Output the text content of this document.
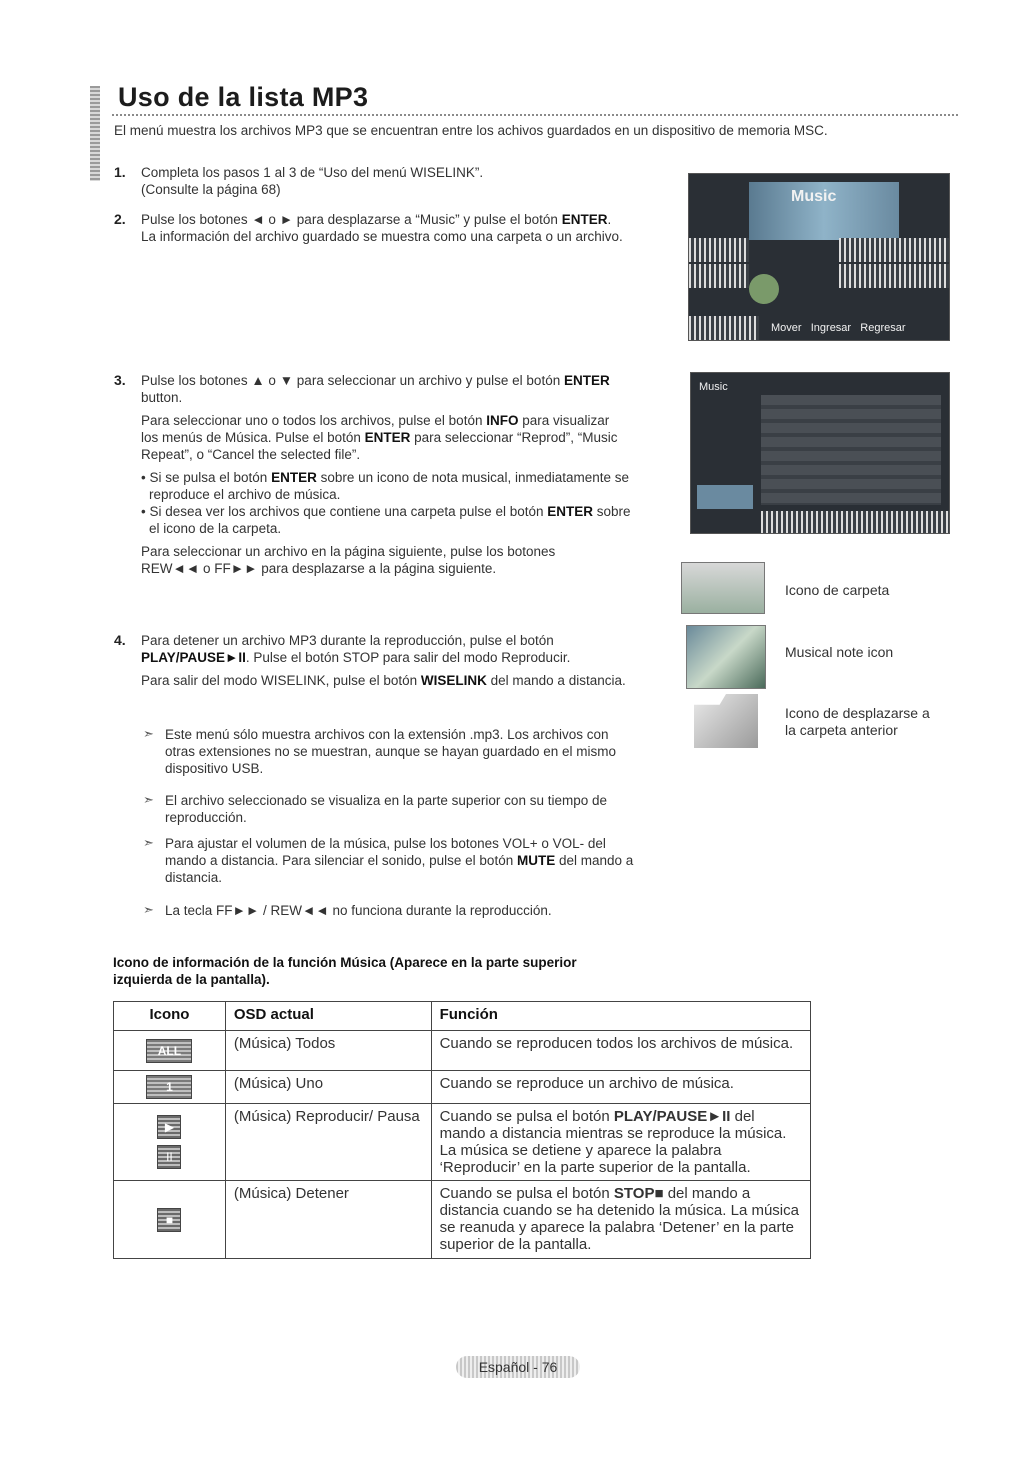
Uso de la lista MP3
El menú muestra los archivos MP3 que se encuentran entre los achivos guardados en un dispositivo de memoria MSC.
1. Completa los pasos 1 al 3 de “Uso del menú WISELINK”.
(Consulte la página 68)
2. Pulse los botones ◄ o ► para desplazarse a “Music” y pulse el botón ENTER.
La información del archivo guardado se muestra como una carpeta o un archivo.
Music
Mover Ingresar Regresar
3. Pulse los botones ▲ o ▼ para seleccionar un archivo y pulse el botón ENTER
button.
Para seleccionar uno o todos los archivos, pulse el botón INFO para visualizar
los menús de Música. Pulse el botón ENTER para seleccionar “Reprod”, “Music
Repeat”, o “Cancel the selected file”.
• Si se pulsa el botón ENTER sobre un icono de nota musical, inmediatamente se
reproduce el archivo de música.
• Si desea ver los archivos que contiene una carpeta pulse el botón ENTER sobre
el icono de la carpeta.
Para seleccionar un archivo en la página siguiente, pulse los botones
REW◄◄ o FF►► para desplazarse a la página siguiente.
Music
Icono de carpeta
Musical note icon
Icono de desplazarse a
la carpeta anterior
4. Para detener un archivo MP3 durante la reproducción, pulse el botón
PLAY/PAUSE►II. Pulse el botón STOP para salir del modo Reproducir.
Para salir del modo WISELINK, pulse el botón WISELINK del mando a distancia.
➣ Este menú sólo muestra archivos con la extensión .mp3. Los archivos con
otras extensiones no se muestran, aunque se hayan guardado en el mismo
dispositivo USB.
➣ El archivo seleccionado se visualiza en la parte superior con su tiempo de
reproducción.
➣ Para ajustar el volumen de la música, pulse los botones VOL+ o VOL- del
mando a distancia. Para silenciar el sonido, pulse el botón MUTE del mando a
distancia.
➣ La tecla FF►► / REW◄◄ no funciona durante la reproducción.
Icono de información de la función Música (Aparece en la parte superior
izquierda de la pantalla).
Icono	OSD actual	Función
ALL	(Música) Todos	Cuando se reproducen todos los archivos de música.
1	(Música) Uno	Cuando se reproduce un archivo de música.
▶
II	(Música) Reproducir/ Pausa	Cuando se pulsa el botón PLAY/PAUSE►II del mando a distancia mientras se reproduce la música. La música se detiene y aparece la palabra ‘Reproducir’ en la parte superior de la pantalla.
■	(Música) Detener	Cuando se pulsa el botón STOP■ del mando a distancia cuando se ha detenido la música. La música se reanuda y aparece la palabra ‘Detener’ en la parte superior de la pantalla.
Español - 76
